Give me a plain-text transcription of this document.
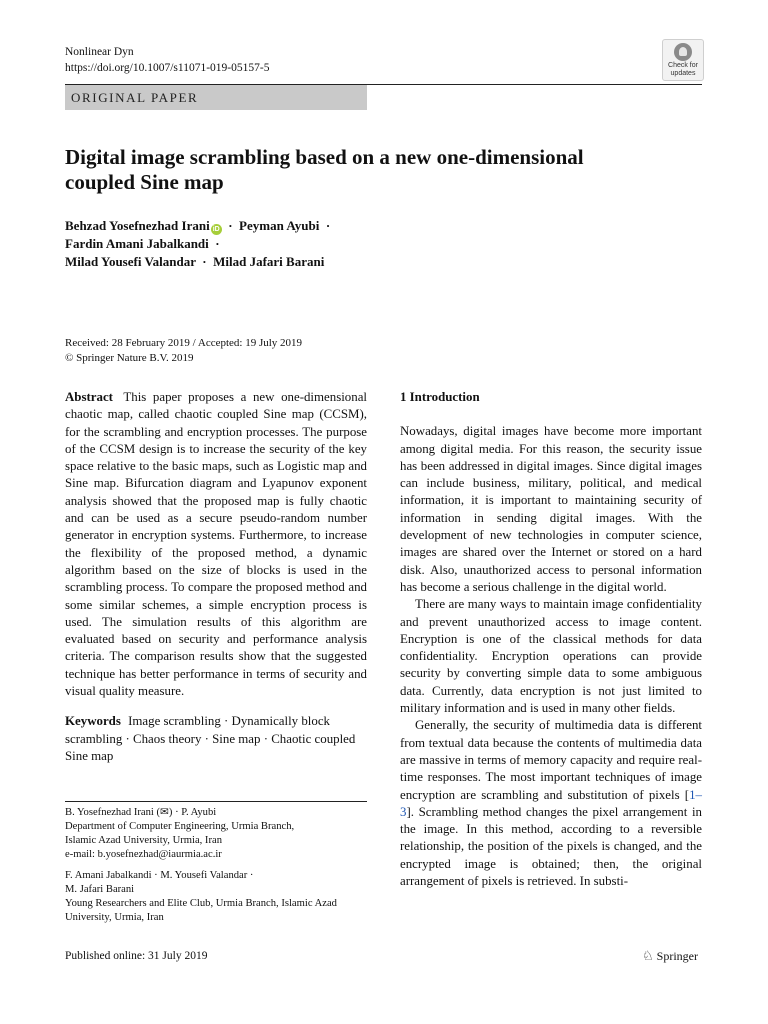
Nonlinear Dyn
https://doi.org/10.1007/s11071-019-05157-5	Check for
updates
ORIGINAL PAPER
Digital image scrambling based on a new one-dimensional
coupled Sine map
Behzad Yosefnezhad Irani iD · Peyman Ayubi ·
Fardin Amani Jabalkandi ·
Milad Yousefi Valandar · Milad Jafari Barani
Received: 28 February 2019 / Accepted: 19 July 2019
© Springer Nature B.V. 2019

Abstract This paper proposes a new one-dimensional chaotic map, called chaotic coupled Sine map (CCSM), for the scrambling and encryption processes. The purpose of the CCSM design is to increase the security of the key space relative to the basic maps, such as Logistic map and Sine map. Bifurcation diagram and Lyapunov exponent analysis showed that the proposed map is fully chaotic and can be used as a secure pseudo-random number generator in encryption systems. Furthermore, to increase the flexibility of the proposed method, a dynamic algorithm based on the size of blocks is used in the scrambling process. To compare the proposed method and some similar schemes, a simple encryption process is used. The simulation results of this algorithm are evaluated based on security and performance analysis criteria. The comparison results show that the suggested technique has better performance in terms of security and visual quality measure.

Keywords Image scrambling · Dynamically block scrambling · Chaos theory · Sine map · Chaotic coupled Sine map

B. Yosefnezhad Irani (✉) · P. Ayubi
Department of Computer Engineering, Urmia Branch,
Islamic Azad University, Urmia, Iran
e-mail: b.yosefnezhad@iaurmia.ac.ir
F. Amani Jabalkandi · M. Yousefi Valandar ·
M. Jafari Barani
Young Researchers and Elite Club, Urmia Branch, Islamic Azad
University, Urmia, Iran

1 Introduction

Nowadays, digital images have become more important among digital media. For this reason, the security issue has been addressed in digital images. Since digital images can include business, military, political, and medical information, it is important to maintaining security of information in sending digital images. With the development of new technologies in computer science, images are shared over the Internet or stored on a hard disk. Also, unauthorized access to personal information has become a serious challenge in the digital world.

There are many ways to maintain image confidentiality and prevent unauthorized access to image content. Encryption is one of the classical methods for data confidentiality. Encryption operations can provide security by converting simple data to some ambiguous data. Currently, data encryption is not just limited to military information and is used in many other fields.

Generally, the security of multimedia data is different from textual data because the contents of multimedia data are massive in terms of memory capacity and require real-time responses. The most important techniques of image encryption are scrambling and substitution of pixels [1–3]. Scrambling method changes the pixel arrangement in the image. In this method, according to a reversible relationship, the position of the pixels is changed, and the encrypted image is obtained; then, the original arrangement of pixels is retrieved. In substi-

Published online: 31 July 2019	♘ Springer
